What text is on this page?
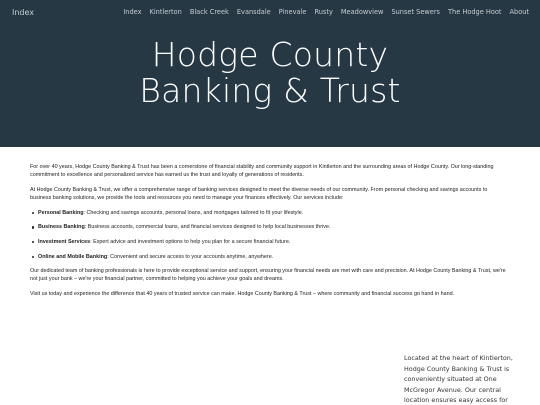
Index	Index Kintlerton Black Creek Evansdale Pinevale Rusty Meadowview Sunset Sewers The Hodge Hoot About
Hodge County
Banking & Trust

For over 40 years, Hodge County Banking & Trust has been a cornerstone of financial stability and community support in Kintlerton and the surrounding areas of Hodge County. Our long-standing commitment to excellence and personalized service has earned us the trust and loyalty of generations of residents.

At Hodge County Banking & Trust, we offer a comprehensive range of banking services designed to meet the diverse needs of our community. From personal checking and savings accounts to business banking solutions, we provide the tools and resources you need to manage your finances effectively. Our services include:

Personal Banking: Checking and savings accounts, personal loans, and mortgages tailored to fit your lifestyle.
Business Banking: Business accounts, commercial loans, and financial services designed to help local businesses thrive.
Investment Services: Expert advice and investment options to help you plan for a secure financial future.
Online and Mobile Banking: Convenient and secure access to your accounts anytime, anywhere.

Our dedicated team of banking professionals is here to provide exceptional service and support, ensuring your financial needs are met with care and precision. At Hodge County Banking & Trust, we're not just your bank – we're your financial partner, committed to helping you achieve your goals and dreams.

Visit us today and experience the difference that 40 years of trusted service can make. Hodge County Banking & Trust – where community and financial success go hand in hand.

Located at the heart of Kintlerton, Hodge County Banking & Trust is conveniently situated at One McGregor Avenue. Our central location ensures easy access for
